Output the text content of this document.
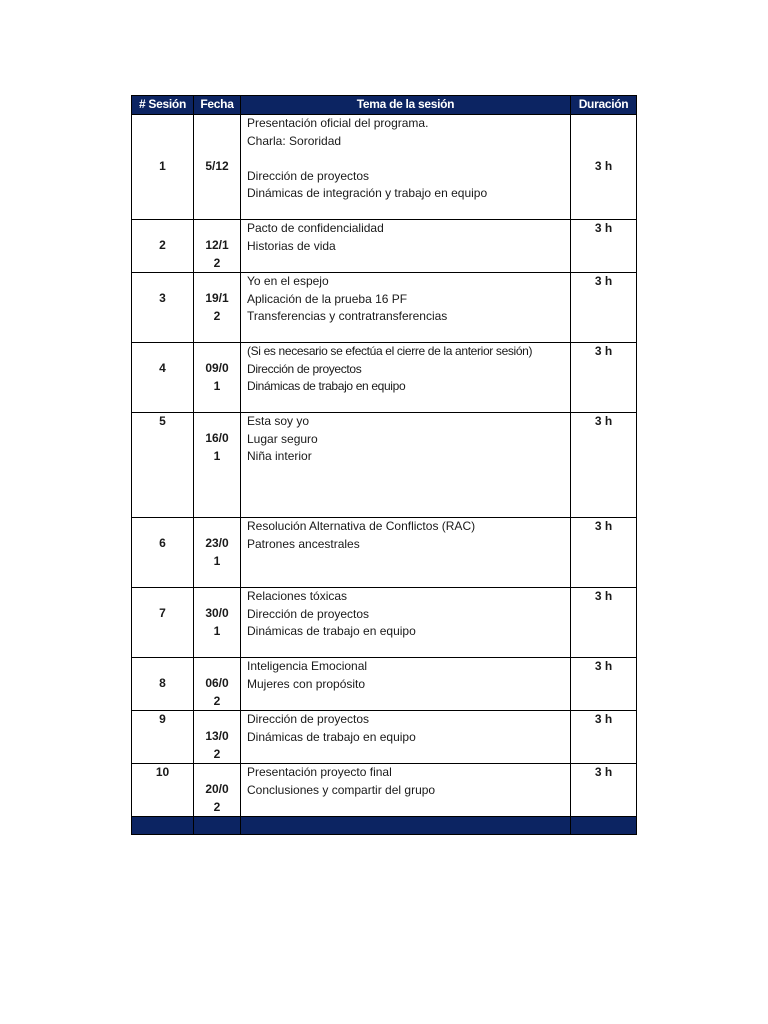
# Sesión	Fecha	Tema de la sesión	Duración
1	5/12	Presentación oficial del programa.
Charla: Sororidad
Dirección de proyectos
Dinámicas de integración y trabajo en equipo	3 h
2	12/12	Pacto de confidencialidad
Historias de vida	3 h
3	19/12	Yo en el espejo
Aplicación de la prueba 16 PF
Transferencias y contratransferencias	3 h
4	09/01	(Si es necesario se efectúa el cierre de la anterior sesión)
Dirección de proyectos
Dinámicas de trabajo en equipo	3 h
5	16/01	Esta soy yo
Lugar seguro
Niña interior	3 h
6	23/01	Resolución Alternativa de Conflictos (RAC)
Patrones ancestrales	3 h
7	30/01	Relaciones tóxicas
Dirección de proyectos
Dinámicas de trabajo en equipo	3 h
8	06/02	Inteligencia Emocional
Mujeres con propósito	3 h
9	13/02	Dirección de proyectos
Dinámicas de trabajo en equipo	3 h
10	20/02	Presentación proyecto final
Conclusiones y compartir del grupo	3 h
